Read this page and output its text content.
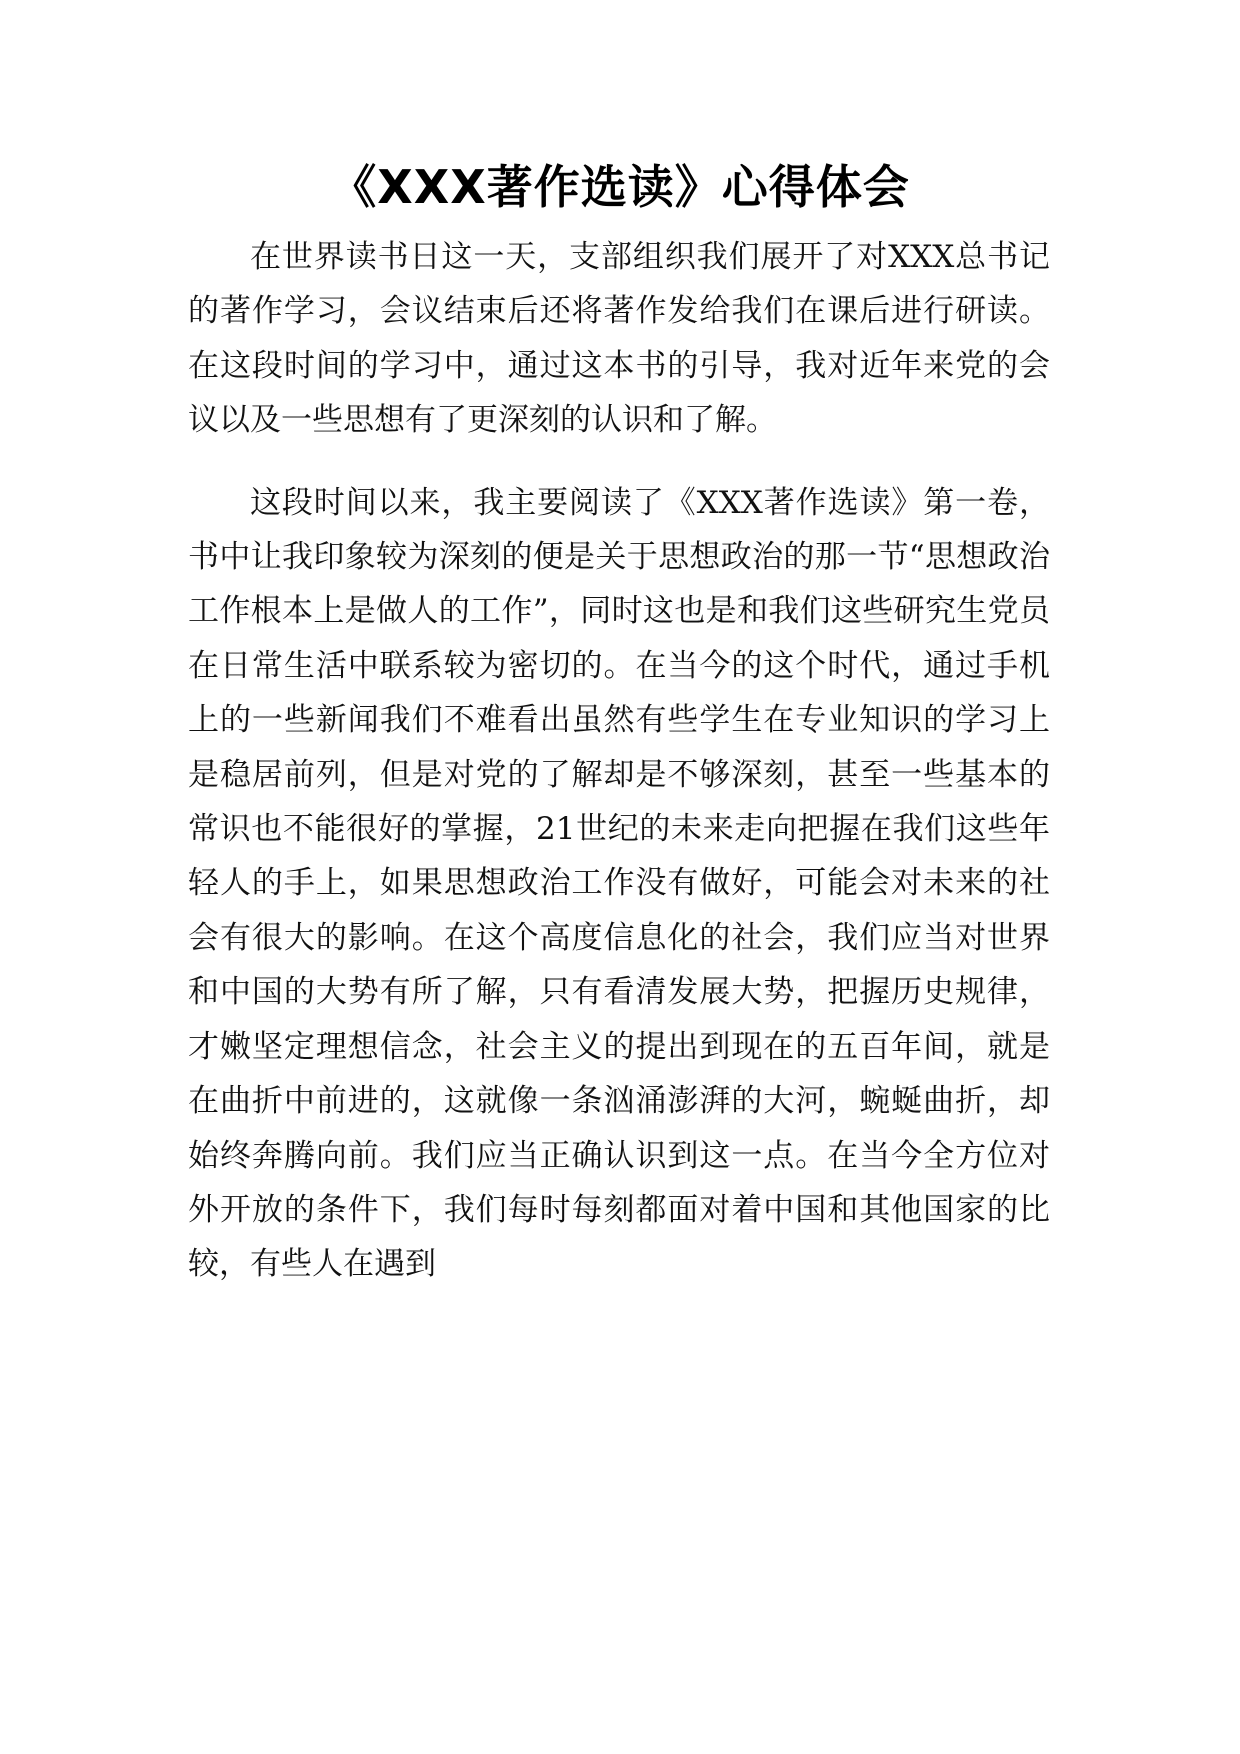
《XXX著作选读》心得体会

在世界读书日这一天，支部组织我们展开了对XXX总书记的著作学习，会议结束后还将著作发给我们在课后进行研读。在这段时间的学习中，通过这本书的引导，我对近年来党的会议以及一些思想有了更深刻的认识和了解。

这段时间以来，我主要阅读了《XXX著作选读》第一卷，书中让我印象较为深刻的便是关于思想政治的那一节“思想政治工作根本上是做人的工作”，同时这也是和我们这些研究生党员在日常生活中联系较为密切的。在当今的这个时代，通过手机上的一些新闻我们不难看出虽然有些学生在专业知识的学习上是稳居前列，但是对党的了解却是不够深刻，甚至一些基本的常识也不能很好的掌握，21世纪的未来走向把握在我们这些年轻人的手上，如果思想政治工作没有做好，可能会对未来的社会有很大的影响。在这个高度信息化的社会，我们应当对世界和中国的大势有所了解，只有看清发展大势，把握历史规律，才嫩坚定理想信念，社会主义的提出到现在的五百年间，就是在曲折中前进的，这就像一条汹涌澎湃的大河，蜿蜒曲折，却始终奔腾向前。我们应当正确认识到这一点。在当今全方位对外开放的条件下，我们每时每刻都面对着中国和其他国家的比较，有些人在遇到
